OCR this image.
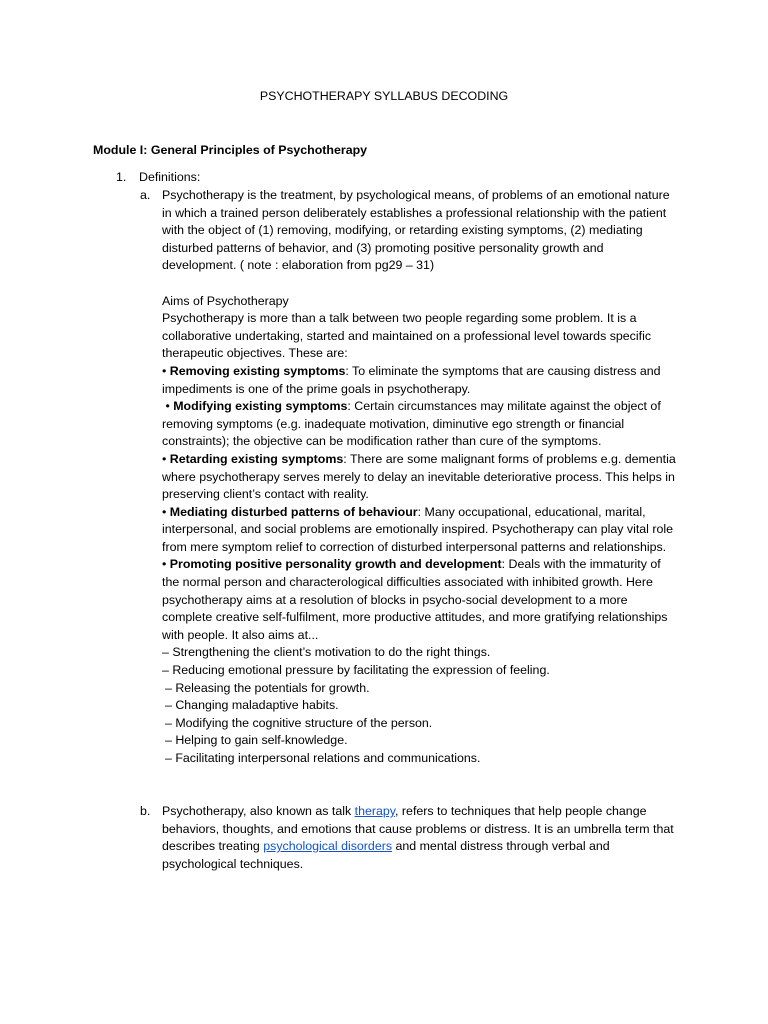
PSYCHOTHERAPY SYLLABUS DECODING
Module I: General Principles of Psychotherapy
1. Definitions:
a. Psychotherapy is the treatment, by psychological means, of problems of an emotional nature in which a trained person deliberately establishes a professional relationship with the patient with the object of (1) removing, modifying, or retarding existing symptoms, (2) mediating disturbed patterns of behavior, and (3) promoting positive personality growth and development. ( note : elaboration from pg29 – 31)

Aims of Psychotherapy

Psychotherapy is more than a talk between two people regarding some problem. It is a collaborative undertaking, started and maintained on a professional level towards specific therapeutic objectives. These are:

• Removing existing symptoms: To eliminate the symptoms that are causing distress and impediments is one of the prime goals in psychotherapy.

• Modifying existing symptoms: Certain circumstances may militate against the object of removing symptoms (e.g. inadequate motivation, diminutive ego strength or financial constraints); the objective can be modification rather than cure of the symptoms.

• Retarding existing symptoms: There are some malignant forms of problems e.g. dementia where psychotherapy serves merely to delay an inevitable deteriorative process. This helps in preserving client’s contact with reality.

• Mediating disturbed patterns of behaviour: Many occupational, educational, marital, interpersonal, and social problems are emotionally inspired. Psychotherapy can play vital role from mere symptom relief to correction of disturbed interpersonal patterns and relationships.

• Promoting positive personality growth and development: Deals with the immaturity of the normal person and characterological difficulties associated with inhibited growth. Here psychotherapy aims at a resolution of blocks in psycho-social development to a more complete creative self-fulfilment, more productive attitudes, and more gratifying relationships with people. It also aims at...

– Strengthening the client’s motivation to do the right things.

– Reducing emotional pressure by facilitating the expression of feeling.

– Releasing the potentials for growth.

– Changing maladaptive habits.

– Modifying the cognitive structure of the person.

– Helping to gain self-knowledge.

– Facilitating interpersonal relations and communications.

b. Psychotherapy, also known as talk therapy, refers to techniques that help people change behaviors, thoughts, and emotions that cause problems or distress. It is an umbrella term that describes treating psychological disorders and mental distress through verbal and psychological techniques.
